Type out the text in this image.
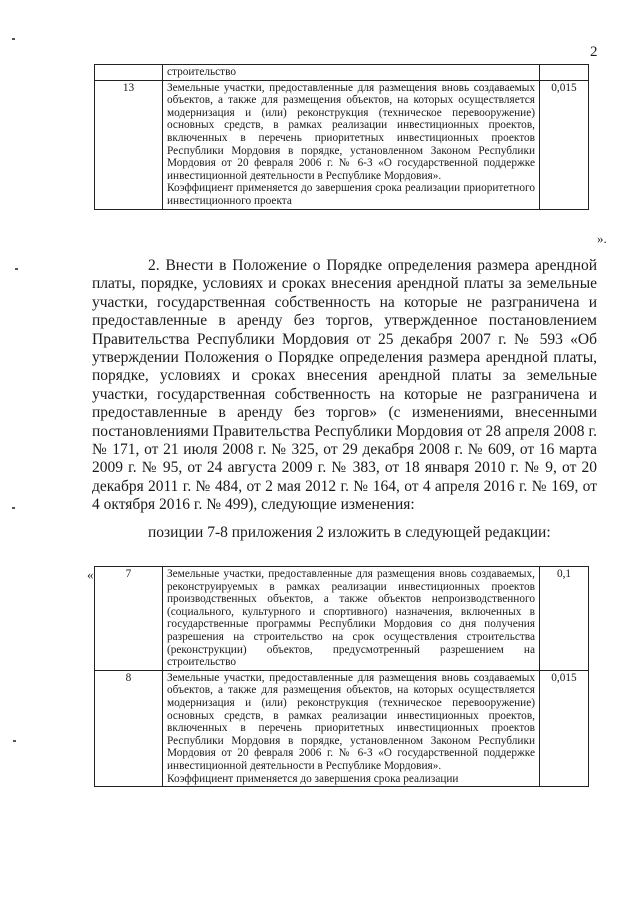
2
	строительство	
13	Земельные участки, предоставленные для размещения вновь создаваемых объектов, а также для размещения объектов, на которых осуществляется модернизация и (или) реконструкция (техническое перевооружение) основных средств, в рамках реализации инвестиционных проектов, включенных в перечень приоритетных инвестиционных проектов Республики Мордовия в порядке, установленном Законом Республики Мордовия от 20 февраля 2006 г. № 6-З «О государственной поддержке инвестиционной деятельности в Республике Мордовия».
Коэффициент применяется до завершения срока реализации приоритетного инвестиционного проекта	0,015
».
2. Внести в Положение о Порядке определения размера арендной платы, порядке, условиях и сроках внесения арендной платы за земельные участки, государственная собственность на которые не разграничена и предоставленные в аренду без торгов, утвержденное постановлением Правительства Республики Мордовия от 25 декабря 2007 г. № 593 «Об утверждении Положения о Порядке определения размера арендной платы, порядке, условиях и сроках внесения арендной платы за земельные участки, государственная собственность на которые не разграничена и предоставленные в аренду без торгов» (с изменениями, внесенными постановлениями Правительства Республики Мордовия от 28 апреля 2008 г. № 171, от 21 июля 2008 г. № 325, от 29 декабря 2008 г. № 609, от 16 марта 2009 г. № 95, от 24 августа 2009 г. № 383, от 18 января 2010 г. № 9, от 20 декабря 2011 г. № 484, от 2 мая 2012 г. № 164, от 4 апреля 2016 г. № 169, от 4 октября 2016 г. № 499), следующие изменения:
позиции 7-8 приложения 2 изложить в следующей редакции:
«	7	Земельные участки, предоставленные для размещения вновь создаваемых, реконструируемых в рамках реализации инвестиционных проектов производственных объектов, а также объектов непроизводственного (социального, культурного и спортивного) назначения, включенных в государственные программы Республики Мордовия со дня получения разрешения на строительство на срок осуществления строительства (реконструкции) объектов, предусмотренный разрешением на строительство	0,1
8	Земельные участки, предоставленные для размещения вновь создаваемых объектов, а также для размещения объектов, на которых осуществляется модернизация и (или) реконструкция (техническое перевооружение) основных средств, в рамках реализации инвестиционных проектов, включенных в перечень приоритетных инвестиционных проектов Республики Мордовия в порядке, установленном Законом Республики Мордовия от 20 февраля 2006 г. № 6-З «О государственной поддержке инвестиционной деятельности в Республике Мордовия».
Коэффициент применяется до завершения срока реализации	0,015
